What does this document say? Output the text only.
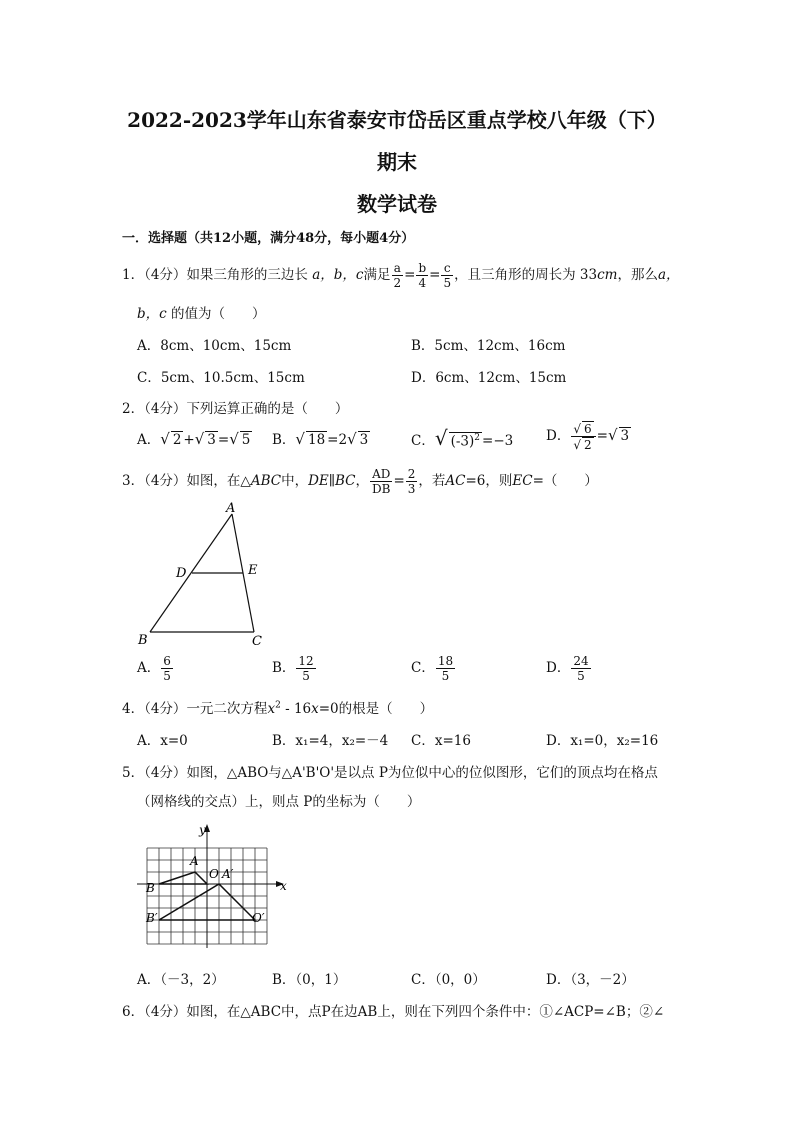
2022-2023学年山东省泰安市岱岳区重点学校八年级（下）
期末
数学试卷
一．选择题（共12小题，满分48分，每小题4分）
1．（4分）如果三角形的三边长 a，b，c满足 $\frac{a}{2} = \frac{b}{4} = \frac{c}{5}$ ，且三角形的周长为 33cm，那么a，
b，c 的值为（　　）
A．8cm、10cm、15cm	B．5cm、12cm、16cm
C．5cm、10.5cm、15cm	D．6cm、12cm、15cm
2．（4分）下列运算正确的是（　　）
A．√ 2 +√ 3 =√ 5 B．√ 18 =2√ 3	C．√ $(-3)^2 =-3$ D． $\frac{√ 6}{√ 2}$ =√ 3
3．（4分）如图，在△ABC中，DE∥BC， $\frac{AD}{DB} = \frac{2}{3}$ ，若AC=6，则EC=（　　）
A
B	C
D	E
A． $\frac{6}{5}$	B． $\frac{12}{5}$	C． $\frac{18}{5}$	D． $\frac{24}{5}$
4．（4分）一元二次方程$x^2 - 16x=0$的根是（　　）
A．x=0	B．x₁=4，x₂=－4 C．x=16	D．x₁=0，x₂=16
5．（4分）如图，△ABO与△A'B'O'是以点 P为位似中心的位似图形，它们的顶点均在格点
（网格线的交点）上，则点 P的坐标为（　　）
y
x
A
O A′
B
B′	O′
A．（－3，2）	B．（0，1）	C．（0，0）	D．（3，－2）
6．（4分）如图，在△ABC中，点P在边AB上，则在下列四个条件中：①∠ACP=∠B；②∠
